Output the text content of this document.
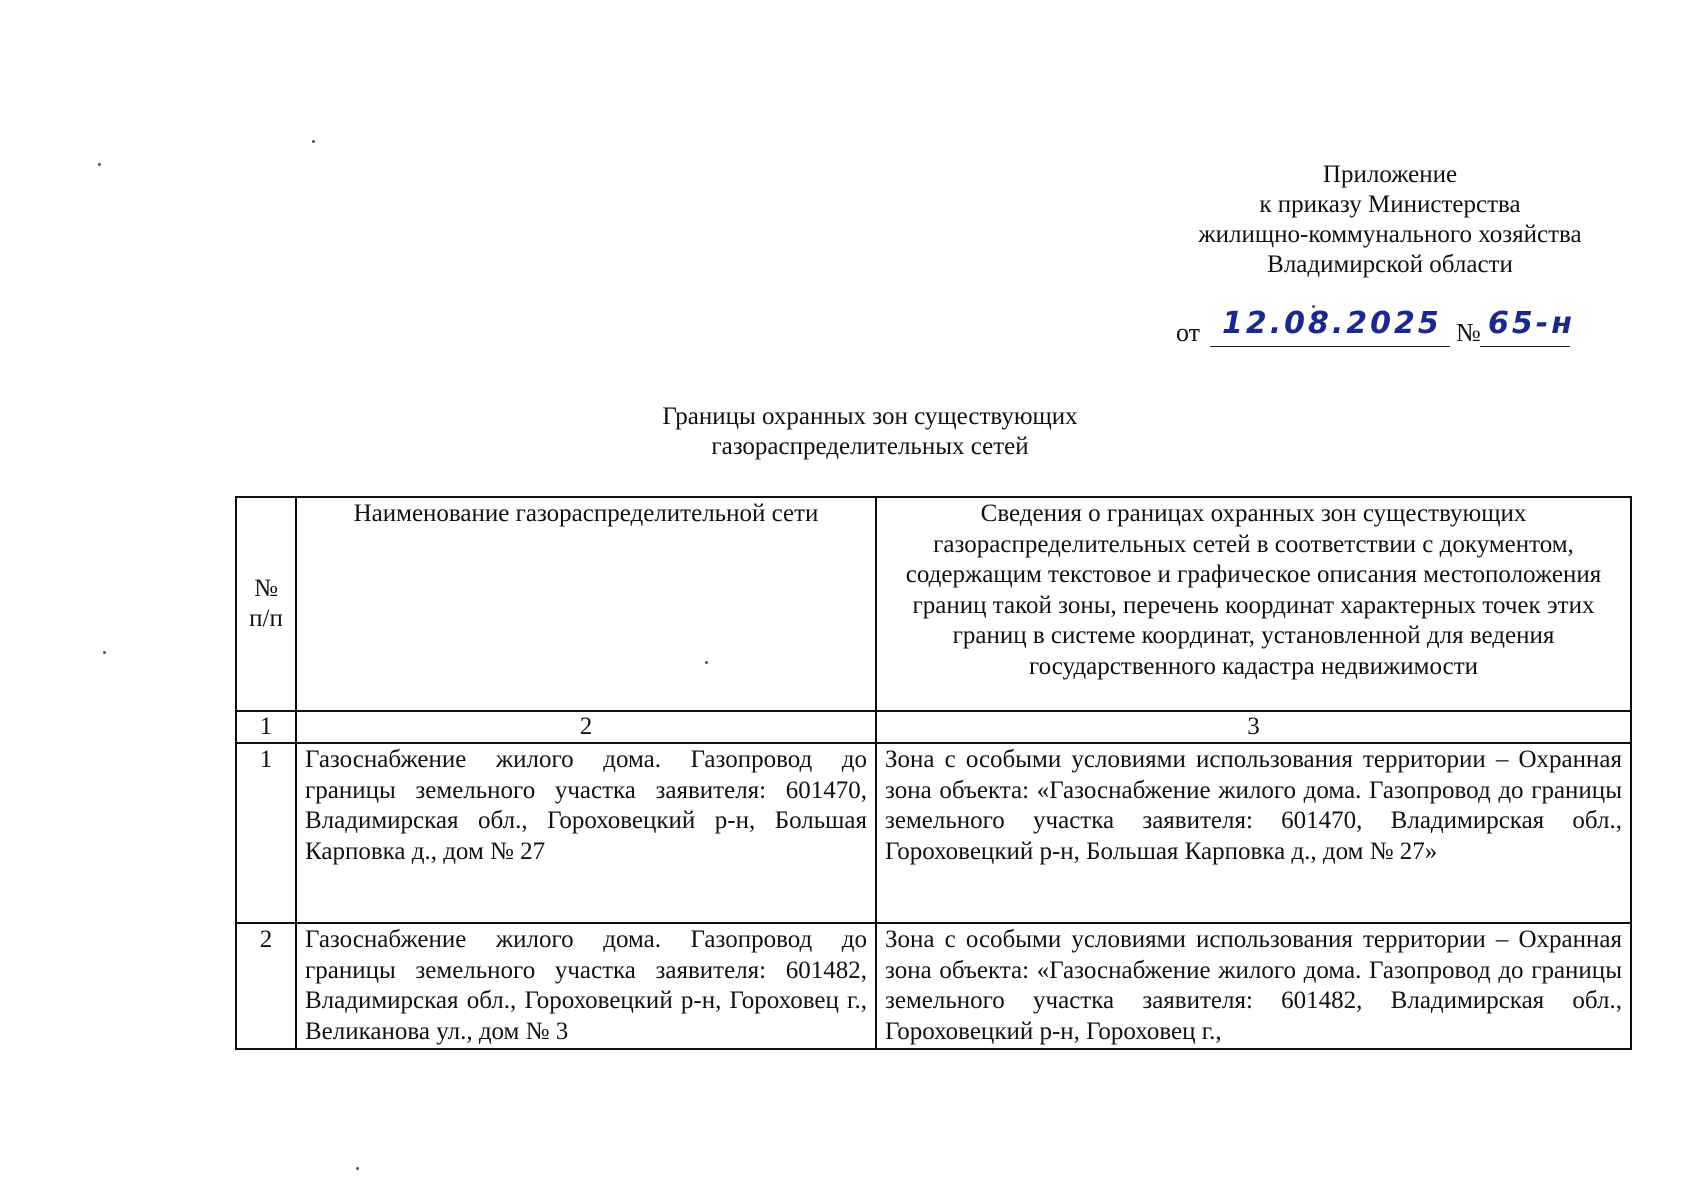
Приложение
к приказу Министерства
жилищно-коммунального хозяйства
Владимирской области
от 12.08.2025 № 65-н
Границы охранных зон существующих
газораспределительных сетей
№ п/п	Наименование газораспределительной сети	Сведения о границах охранных зон существующих газораспределительных сетей в соответствии с документом, содержащим текстовое и графическое описания местоположения границ такой зоны, перечень координат характерных точек этих границ в системе координат, установленной для ведения государственного кадастра недвижимости
1	2	3
1	Газоснабжение жилого дома. Газопровод до границы земельного участка заявителя: 601470, Владимирская обл., Гороховецкий р-н, Большая Карповка д., дом № 27	Зона с особыми условиями использования территории – Охранная зона объекта: «Газоснабжение жилого дома. Газопровод до границы земельного участка заявителя: 601470, Владимирская обл., Гороховецкий р-н, Большая Карповка д., дом № 27»
2	Газоснабжение жилого дома. Газопровод до границы земельного участка заявителя: 601482, Владимирская обл., Гороховецкий р-н, Гороховец г., Великанова ул., дом № 3	Зона с особыми условиями использования территории – Охранная зона объекта: «Газоснабжение жилого дома. Газопровод до границы земельного участка заявителя: 601482, Владимирская обл., Гороховецкий р-н, Гороховец г.,
